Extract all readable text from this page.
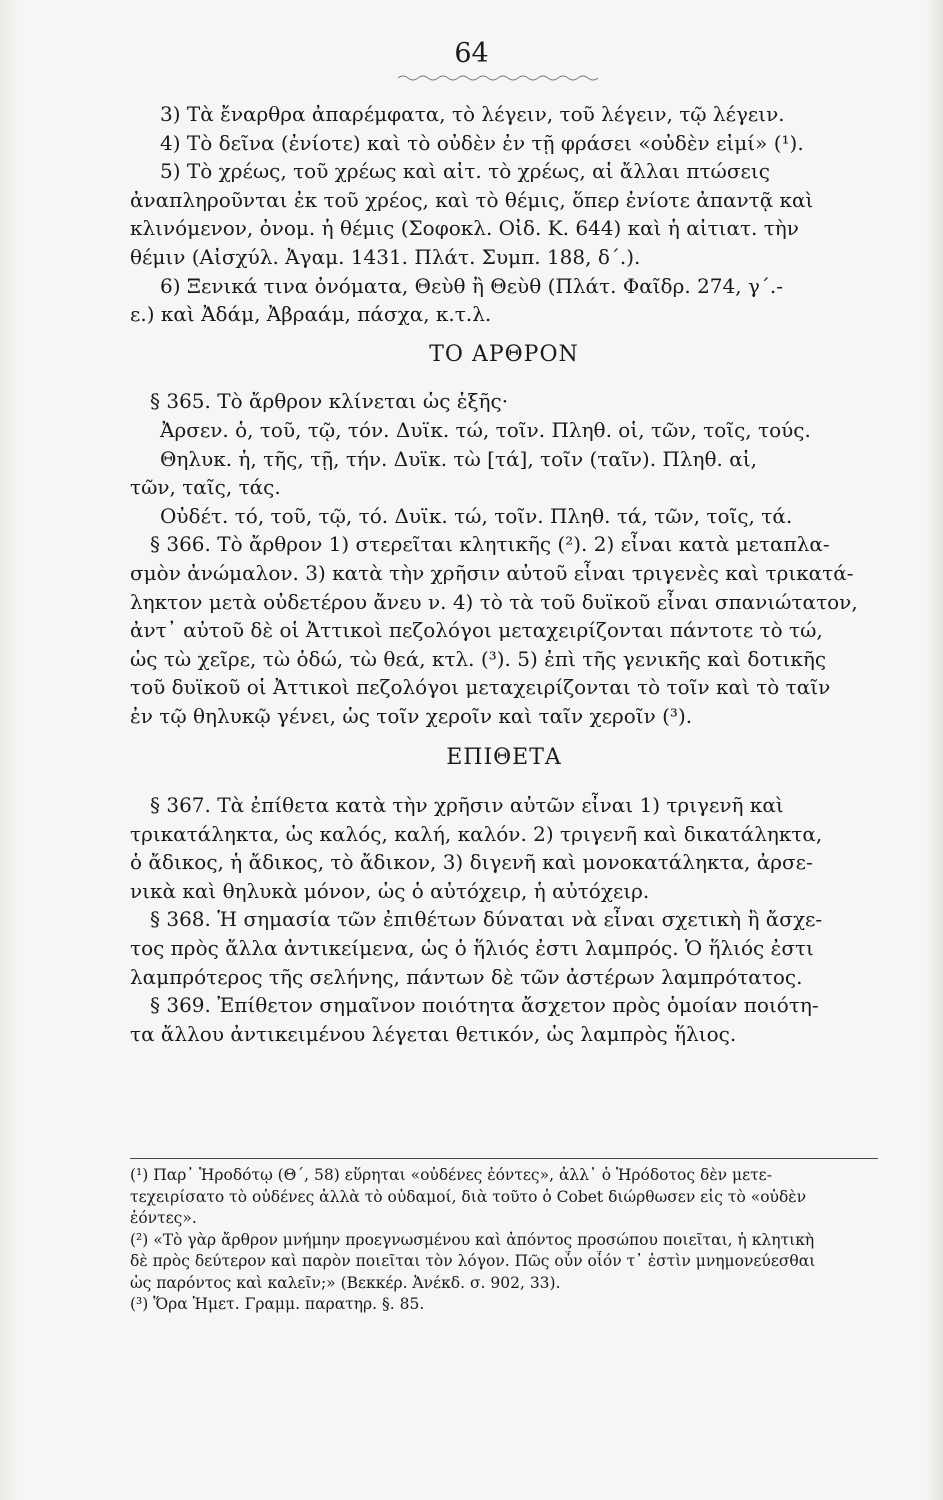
64
3) Τὰ ἔναρθρα ἀπαρέμφατα, τὸ λέγειν, τοῦ λέγειν, τῷ λέγειν.
4) Τὸ δεῖνα (ἐνίοτε) καὶ τὸ οὐδὲν ἐν τῇ φράσει «οὐδὲν εἰμί» (¹).
5) Τὸ χρέως, τοῦ χρέως καὶ αἰτ. τὸ χρέως, αἱ ἄλλαι πτώσεις
ἀναπληροῦνται ἐκ τοῦ χρέος, καὶ τὸ θέμις, ὅπερ ἐνίοτε ἀπαντᾷ καὶ
κλινόμενον, ὀνομ. ἡ θέμις (Σοφοκλ. Οἰδ. Κ. 644) καὶ ἡ αἰτιατ. τὴν
θέμιν (Αἰσχύλ. Ἀγαμ. 1431. Πλάτ. Συμπ. 188, δ΄.).
6) Ξενικά τινα ὀνόματα, Θεὺθ ἢ Θεὺθ (Πλάτ. Φαῖδρ. 274, γ΄.-
ε.) καὶ Ἀδάμ, Ἀβραάμ, πάσχα, κ.τ.λ.
ΤΟ ΑΡΘΡΟΝ
§ 365. Τὸ ἄρθρον κλίνεται ὡς ἑξῆς·
Ἀρσεν. ὁ, τοῦ, τῷ, τόν. Δυϊκ. τώ, τοῖν. Πληθ. οἱ, τῶν, τοῖς, τούς.
Θηλυκ. ἡ, τῆς, τῇ, τήν. Δυϊκ. τὼ [τά], τοῖν (ταῖν). Πληθ. αἱ,
τῶν, ταῖς, τάς.
Οὐδέτ. τό, τοῦ, τῷ, τό. Δυϊκ. τώ, τοῖν. Πληθ. τά, τῶν, τοῖς, τά.
§ 366. Τὸ ἄρθρον 1) στερεῖται κλητικῆς (²). 2) εἶναι κατὰ μεταπλα-
σμὸν ἀνώμαλον. 3) κατὰ τὴν χρῆσιν αὐτοῦ εἶναι τριγενὲς καὶ τρικατά-
ληκτον μετὰ οὐδετέρου ἄνευ ν. 4) τὸ τὰ τοῦ δυϊκοῦ εἶναι σπανιώτατον,
ἀντ᾽ αὐτοῦ δὲ οἱ Ἀττικοὶ πεζολόγοι μεταχειρίζονται πάντοτε τὸ τώ,
ὡς τὼ χεῖρε, τὼ ὁδώ, τὼ θεά, κτλ. (³). 5) ἐπὶ τῆς γενικῆς καὶ δοτικῆς
τοῦ δυϊκοῦ οἱ Ἀττικοὶ πεζολόγοι μεταχειρίζονται τὸ τοῖν καὶ τὸ ταῖν
ἐν τῷ θηλυκῷ γένει, ὡς τοῖν χεροῖν καὶ ταῖν χεροῖν (³).
ΕΠΙΘΕΤΑ
§ 367. Τὰ ἐπίθετα κατὰ τὴν χρῆσιν αὐτῶν εἶναι 1) τριγενῆ καὶ
τρικατάληκτα, ὡς καλός, καλή, καλόν. 2) τριγενῆ καὶ δικατάληκτα,
ὁ ἄδικος, ἡ ἄδικος, τὸ ἄδικον, 3) διγενῆ καὶ μονοκατάληκτα, ἀρσε-
νικὰ καὶ θηλυκὰ μόνον, ὡς ὁ αὐτόχειρ, ἡ αὐτόχειρ.
§ 368. Ἡ σημασία τῶν ἐπιθέτων δύναται νὰ εἶναι σχετικὴ ἢ ἄσχε-
τος πρὸς ἄλλα ἀντικείμενα, ὡς ὁ ἥλιός ἐστι λαμπρός. Ὁ ἥλιός ἐστι
λαμπρότερος τῆς σελήνης, πάντων δὲ τῶν ἀστέρων λαμπρότατος.
§ 369. Ἐπίθετον σημαῖνον ποιότητα ἄσχετον πρὸς ὁμοίαν ποιότη-
τα ἄλλου ἀντικειμένου λέγεται θετικόν, ὡς λαμπρὸς ἥλιος.
(¹) Παρ᾽ Ἡροδότῳ (Θ΄, 58) εὕρηται «οὐδένες ἐόντες», ἀλλ᾽ ὁ Ἡρόδοτος δὲν μετε-
τεχειρίσατο τὸ οὐδένες ἀλλὰ τὸ οὐδαμοί, διὰ τοῦτο ὁ Cobet διώρθωσεν εἰς τὸ «οὐδὲν
ἐόντες».
(²) «Τὸ γὰρ ἄρθρον μνήμην προεγνωσμένου καὶ ἀπόντος προσώπου ποιεῖται, ἡ κλητικὴ
δὲ πρὸς δεύτερον καὶ παρὸν ποιεῖται τὸν λόγον. Πῶς οὖν οἷόν τ᾽ ἐστὶν μνημονεύεσθαι
ὡς παρόντος καὶ καλεῖν;» (Βεκκέρ. Ἀνέκδ. σ. 902, 33).
(³) Ὅρα Ἡμετ. Γραμμ. παρατηρ. §. 85.
